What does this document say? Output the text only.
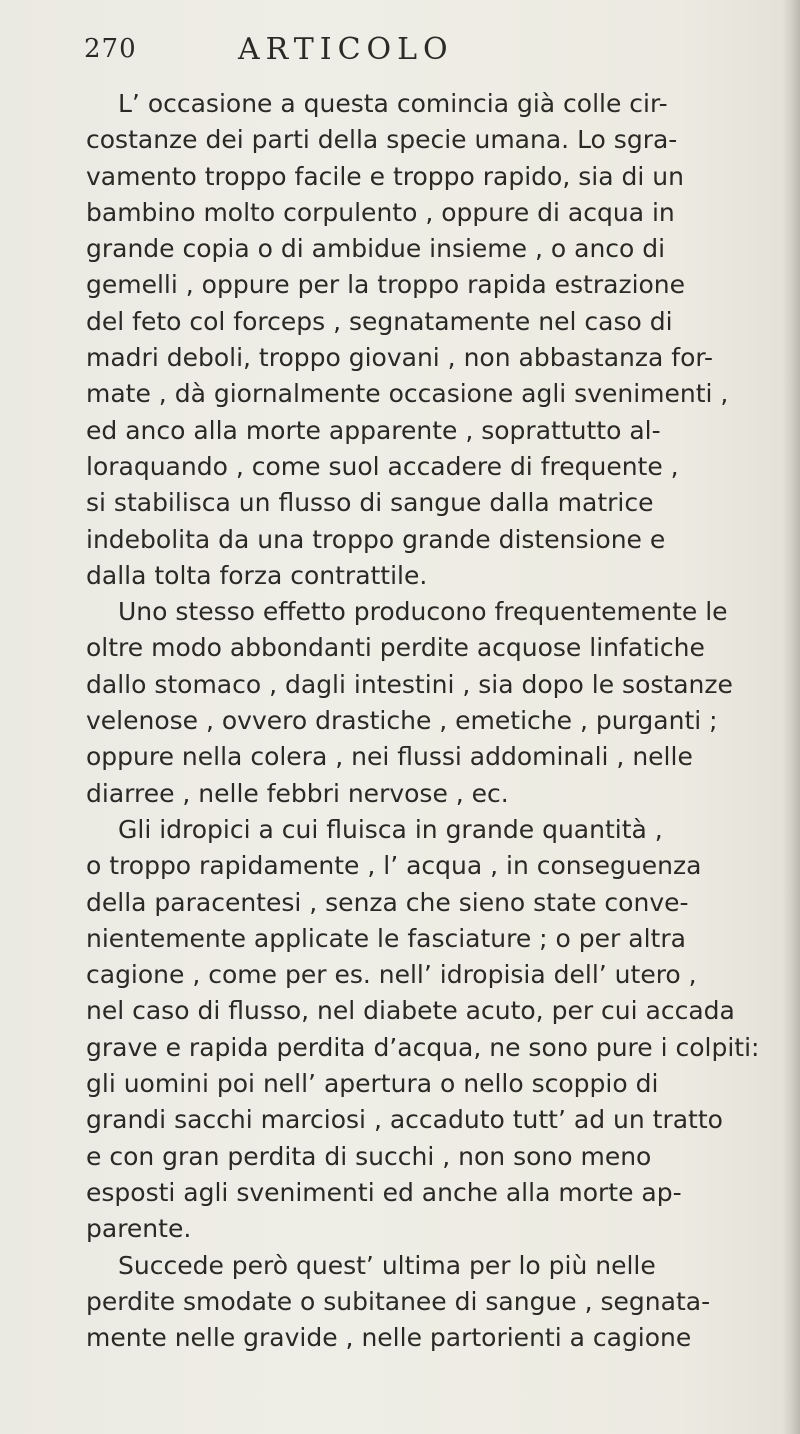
270	ARTICOLO
L’ occasione a questa comincia già colle cir-
costanze dei parti della specie umana. Lo sgra-
vamento troppo facile e troppo rapido, sia di un
bambino molto corpulento , oppure di acqua in
grande copia o di ambidue insieme , o anco di
gemelli , oppure per la troppo rapida estrazione
del feto col forceps , segnatamente nel caso di
madri deboli, troppo giovani , non abbastanza for-
mate , dà giornalmente occasione agli svenimenti ,
ed anco alla morte apparente , soprattutto al-
loraquando , come suol accadere di frequente ,
si stabilisca un flusso di sangue dalla matrice
indebolita da una troppo grande distensione e
dalla tolta forza contrattile.
Uno stesso effetto producono frequentemente le
oltre modo abbondanti perdite acquose linfatiche
dallo stomaco , dagli intestini , sia dopo le sostanze
velenose , ovvero drastiche , emetiche , purganti ;
oppure nella colera , nei flussi addominali , nelle
diarree , nelle febbri nervose , ec.
Gli idropici a cui fluisca in grande quantità ,
o troppo rapidamente , l’ acqua , in conseguenza
della paracentesi , senza che sieno state conve-
nientemente applicate le fasciature ; o per altra
cagione , come per es. nell’ idropisia dell’ utero ,
nel caso di flusso, nel diabete acuto, per cui accada
grave e rapida perdita d’acqua, ne sono pure i colpiti:
gli uomini poi nell’ apertura o nello scoppio di
grandi sacchi marciosi , accaduto tutt’ ad un tratto
e con gran perdita di succhi , non sono meno
esposti agli svenimenti ed anche alla morte ap-
parente.
Succede però quest’ ultima per lo più nelle
perdite smodate o subitanee di sangue , segnata-
mente nelle gravide , nelle partorienti a cagione
